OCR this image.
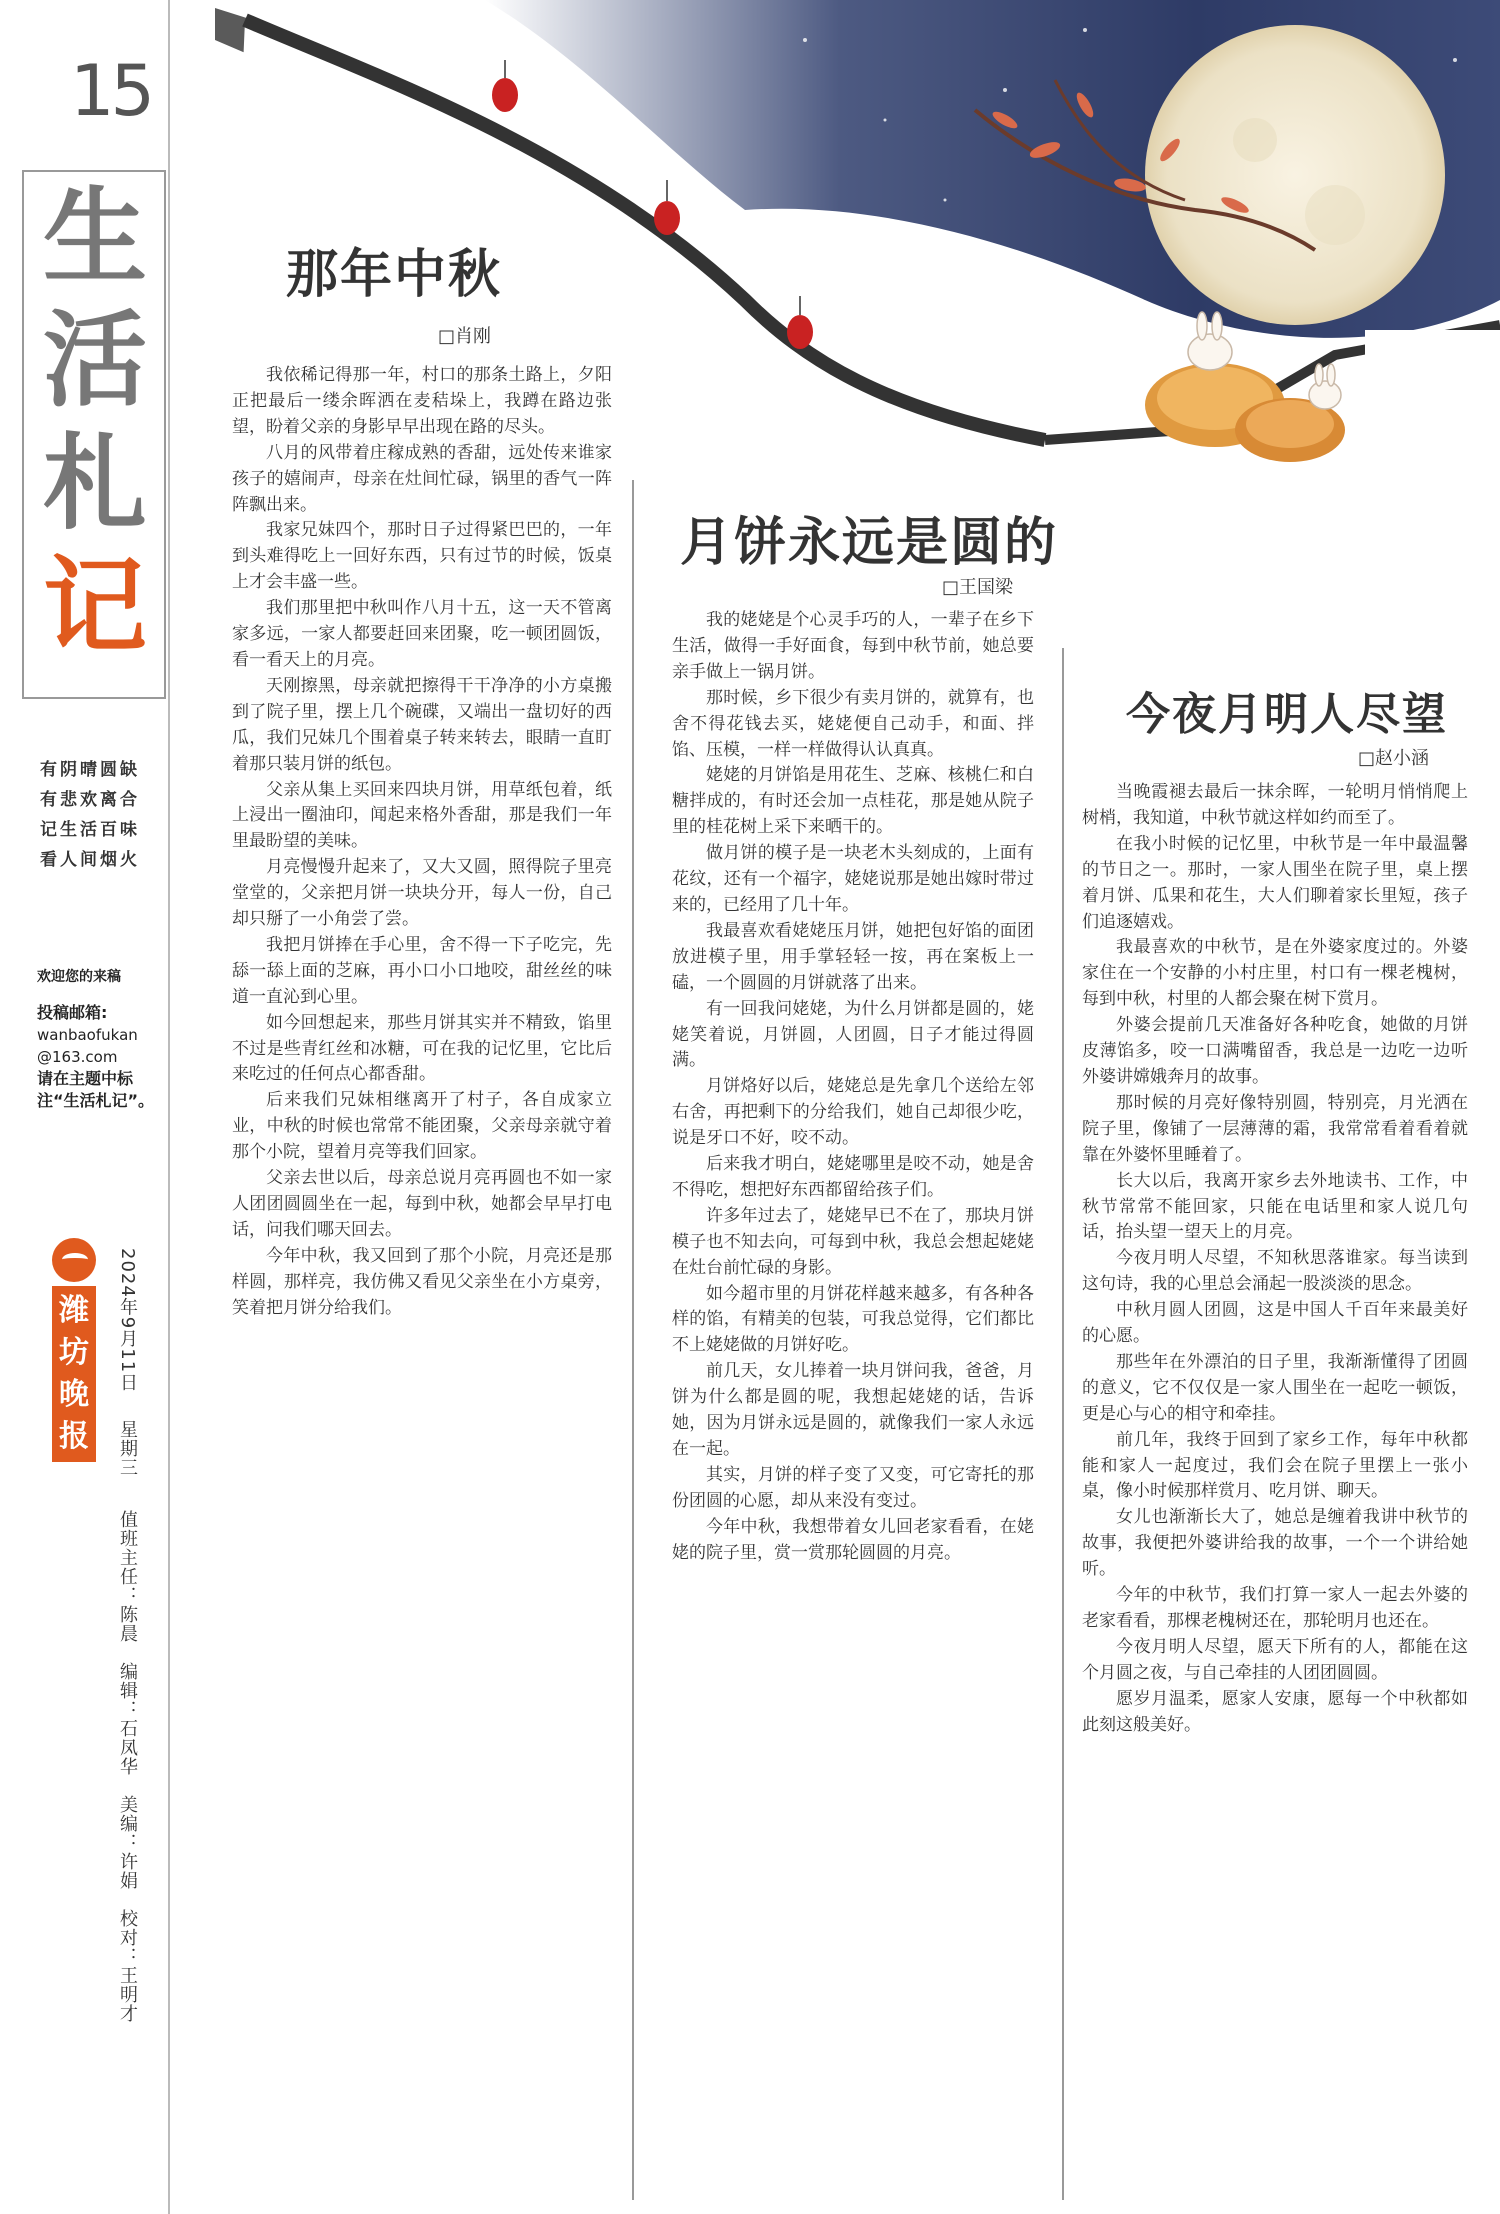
15
生
活
札
记
有阴晴圆缺
有悲欢离合
记生活百味
看人间烟火
欢迎您的来稿
投稿邮箱:
wanbaofukan
@163.com
请在主题中标注“生活札记”。
潍坊晚报
2024年9月11日
星期三
值班主任：陈晨　编辑：石凤华　美编：许娟　校对：王明才
那年中秋
□肖刚

我依稀记得那一年，村口的那条土路上，夕阳正把最后一缕余晖洒在麦秸垛上，我蹲在路边张望，盼着父亲的身影早早出现在路的尽头。

八月的风带着庄稼成熟的香甜，远处传来谁家孩子的嬉闹声，母亲在灶间忙碌，锅里的香气一阵阵飘出来。

我家兄妹四个，那时日子过得紧巴巴的，一年到头难得吃上一回好东西，只有过节的时候，饭桌上才会丰盛一些。

我们那里把中秋叫作八月十五，这一天不管离家多远，一家人都要赶回来团聚，吃一顿团圆饭，看一看天上的月亮。

天刚擦黑，母亲就把擦得干干净净的小方桌搬到了院子里，摆上几个碗碟，又端出一盘切好的西瓜，我们兄妹几个围着桌子转来转去，眼睛一直盯着那只装月饼的纸包。

父亲从集上买回来四块月饼，用草纸包着，纸上浸出一圈油印，闻起来格外香甜，那是我们一年里最盼望的美味。

月亮慢慢升起来了，又大又圆，照得院子里亮堂堂的，父亲把月饼一块块分开，每人一份，自己却只掰了一小角尝了尝。

我把月饼捧在手心里，舍不得一下子吃完，先舔一舔上面的芝麻，再小口小口地咬，甜丝丝的味道一直沁到心里。

如今回想起来，那些月饼其实并不精致，馅里不过是些青红丝和冰糖，可在我的记忆里，它比后来吃过的任何点心都香甜。

后来我们兄妹相继离开了村子，各自成家立业，中秋的时候也常常不能团聚，父亲母亲就守着那个小院，望着月亮等我们回家。

父亲去世以后，母亲总说月亮再圆也不如一家人团团圆圆坐在一起，每到中秋，她都会早早打电话，问我们哪天回去。

今年中秋，我又回到了那个小院，月亮还是那样圆，那样亮，我仿佛又看见父亲坐在小方桌旁，笑着把月饼分给我们。

月饼永远是圆的
□王国梁

我的姥姥是个心灵手巧的人，一辈子在乡下生活，做得一手好面食，每到中秋节前，她总要亲手做上一锅月饼。

那时候，乡下很少有卖月饼的，就算有，也舍不得花钱去买，姥姥便自己动手，和面、拌馅、压模，一样一样做得认认真真。

姥姥的月饼馅是用花生、芝麻、核桃仁和白糖拌成的，有时还会加一点桂花，那是她从院子里的桂花树上采下来晒干的。

做月饼的模子是一块老木头刻成的，上面有花纹，还有一个福字，姥姥说那是她出嫁时带过来的，已经用了几十年。

我最喜欢看姥姥压月饼，她把包好馅的面团放进模子里，用手掌轻轻一按，再在案板上一磕，一个圆圆的月饼就落了出来。

有一回我问姥姥，为什么月饼都是圆的，姥姥笑着说，月饼圆，人团圆，日子才能过得圆满。

月饼烙好以后，姥姥总是先拿几个送给左邻右舍，再把剩下的分给我们，她自己却很少吃，说是牙口不好，咬不动。

后来我才明白，姥姥哪里是咬不动，她是舍不得吃，想把好东西都留给孩子们。

许多年过去了，姥姥早已不在了，那块月饼模子也不知去向，可每到中秋，我总会想起姥姥在灶台前忙碌的身影。

如今超市里的月饼花样越来越多，有各种各样的馅，有精美的包装，可我总觉得，它们都比不上姥姥做的月饼好吃。

前几天，女儿捧着一块月饼问我，爸爸，月饼为什么都是圆的呢，我想起姥姥的话，告诉她，因为月饼永远是圆的，就像我们一家人永远在一起。

其实，月饼的样子变了又变，可它寄托的那份团圆的心愿，却从来没有变过。

今年中秋，我想带着女儿回老家看看，在姥姥的院子里，赏一赏那轮圆圆的月亮。

今夜月明人尽望
□赵小涵

当晚霞褪去最后一抹余晖，一轮明月悄悄爬上树梢，我知道，中秋节就这样如约而至了。

在我小时候的记忆里，中秋节是一年中最温馨的节日之一。那时，一家人围坐在院子里，桌上摆着月饼、瓜果和花生，大人们聊着家长里短，孩子们追逐嬉戏。

我最喜欢的中秋节，是在外婆家度过的。外婆家住在一个安静的小村庄里，村口有一棵老槐树，每到中秋，村里的人都会聚在树下赏月。

外婆会提前几天准备好各种吃食，她做的月饼皮薄馅多，咬一口满嘴留香，我总是一边吃一边听外婆讲嫦娥奔月的故事。

那时候的月亮好像特别圆，特别亮，月光洒在院子里，像铺了一层薄薄的霜，我常常看着看着就靠在外婆怀里睡着了。

长大以后，我离开家乡去外地读书、工作，中秋节常常不能回家，只能在电话里和家人说几句话，抬头望一望天上的月亮。

今夜月明人尽望，不知秋思落谁家。每当读到这句诗，我的心里总会涌起一股淡淡的思念。

中秋月圆人团圆，这是中国人千百年来最美好的心愿。

那些年在外漂泊的日子里，我渐渐懂得了团圆的意义，它不仅仅是一家人围坐在一起吃一顿饭，更是心与心的相守和牵挂。

前几年，我终于回到了家乡工作，每年中秋都能和家人一起度过，我们会在院子里摆上一张小桌，像小时候那样赏月、吃月饼、聊天。

女儿也渐渐长大了，她总是缠着我讲中秋节的故事，我便把外婆讲给我的故事，一个一个讲给她听。

今年的中秋节，我们打算一家人一起去外婆的老家看看，那棵老槐树还在，那轮明月也还在。

今夜月明人尽望，愿天下所有的人，都能在这个月圆之夜，与自己牵挂的人团团圆圆。

愿岁月温柔，愿家人安康，愿每一个中秋都如此刻这般美好。
